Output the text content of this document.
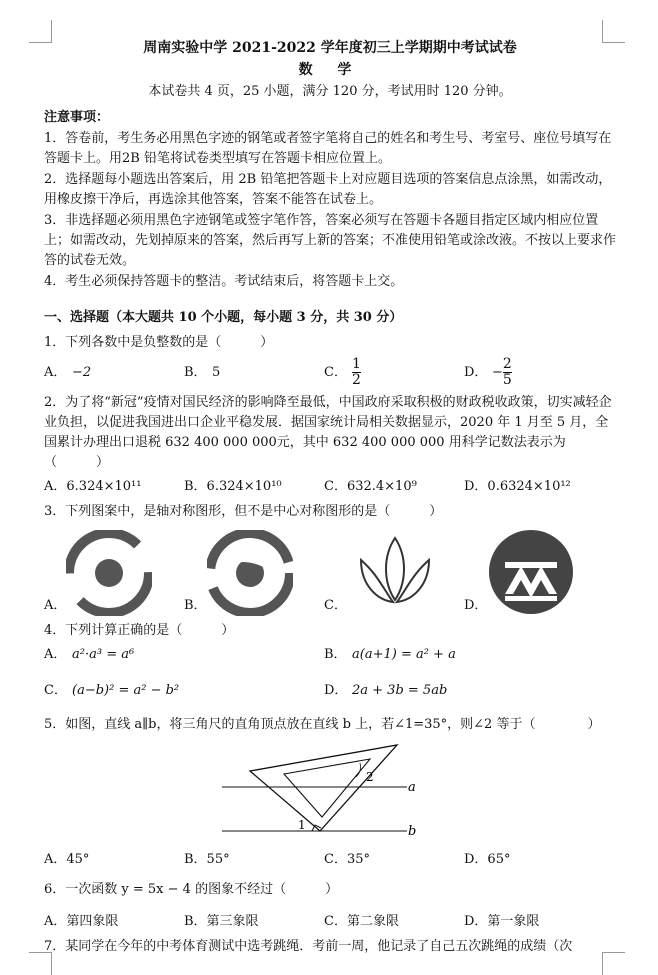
周南实验中学 2021-2022 学年度初三上学期期中考试试卷
数 学
本试卷共 4 页，25 小题，满分 120 分，考试用时 120 分钟。
注意事项：

1．答卷前，考生务必用黑色字迹的钢笔或者签字笔将自己的姓名和考生号、考室号、座位号填写在答题卡上。用2B 铅笔将试卷类型填写在答题卡相应位置上。

2．选择题每小题选出答案后，用 2B 铅笔把答题卡上对应题目选项的答案信息点涂黑，如需改动，用橡皮擦干净后，再选涂其他答案，答案不能答在试卷上。

3．非选择题必须用黑色字迹钢笔或签字笔作答，答案必须写在答题卡各题目指定区域内相应位置上；如需改动，先划掉原来的答案，然后再写上新的答案；不准使用铅笔或涂改液。不按以上要求作答的试卷无效。

4．考生必须保持答题卡的整洁。考试结束后，将答题卡上交。

一、选择题（本大题共 10 个小题，每小题 3 分，共 30 分）

1．下列各数中是负整数的是（　　　）

A． −2	B． 5	C． $\frac{1}{2}$	D． − $\frac{2}{5}$

2．为了将“新冠”疫情对国民经济的影响降至最低，中国政府采取积极的财政税收政策，切实减轻企业负担，以促进我国进出口企业平稳发展．据国家统计局相关数据显示，2020 年 1 月至 5 月，全国累计办理出口退税 632 400 000 000元，其中 632 400 000 000 用科学记数法表示为（　　　）

A．6.324×10¹¹	B．6.324×10¹⁰	C．632.4×10⁹	D．0.6324×10¹²

3．下列图案中，是轴对称图形，但不是中心对称图形的是（　　　）

A．	B．	C．	D．

4．下列计算正确的是（　　　）

A． a²·a³ = a⁶	B． a(a+1) = a² + a
C． (a−b)² = a² − b²	D． 2a + 3b = 5ab

5．如图，直线 a∥b，将三角尺的直角顶点放在直线 b 上，若∠1=35°，则∠2 等于（　　　　）

2
1
a
b
A．45°	B．55°	C．35°	D．65°

6．一次函数 y = 5x − 4 的图象不经过（　　　）

A．第四象限	B．第三象限	C．第二象限	D．第一象限

7．某同学在今年的中考体育测试中选考跳绳．考前一周，他记录了自己五次跳绳的成绩（次
